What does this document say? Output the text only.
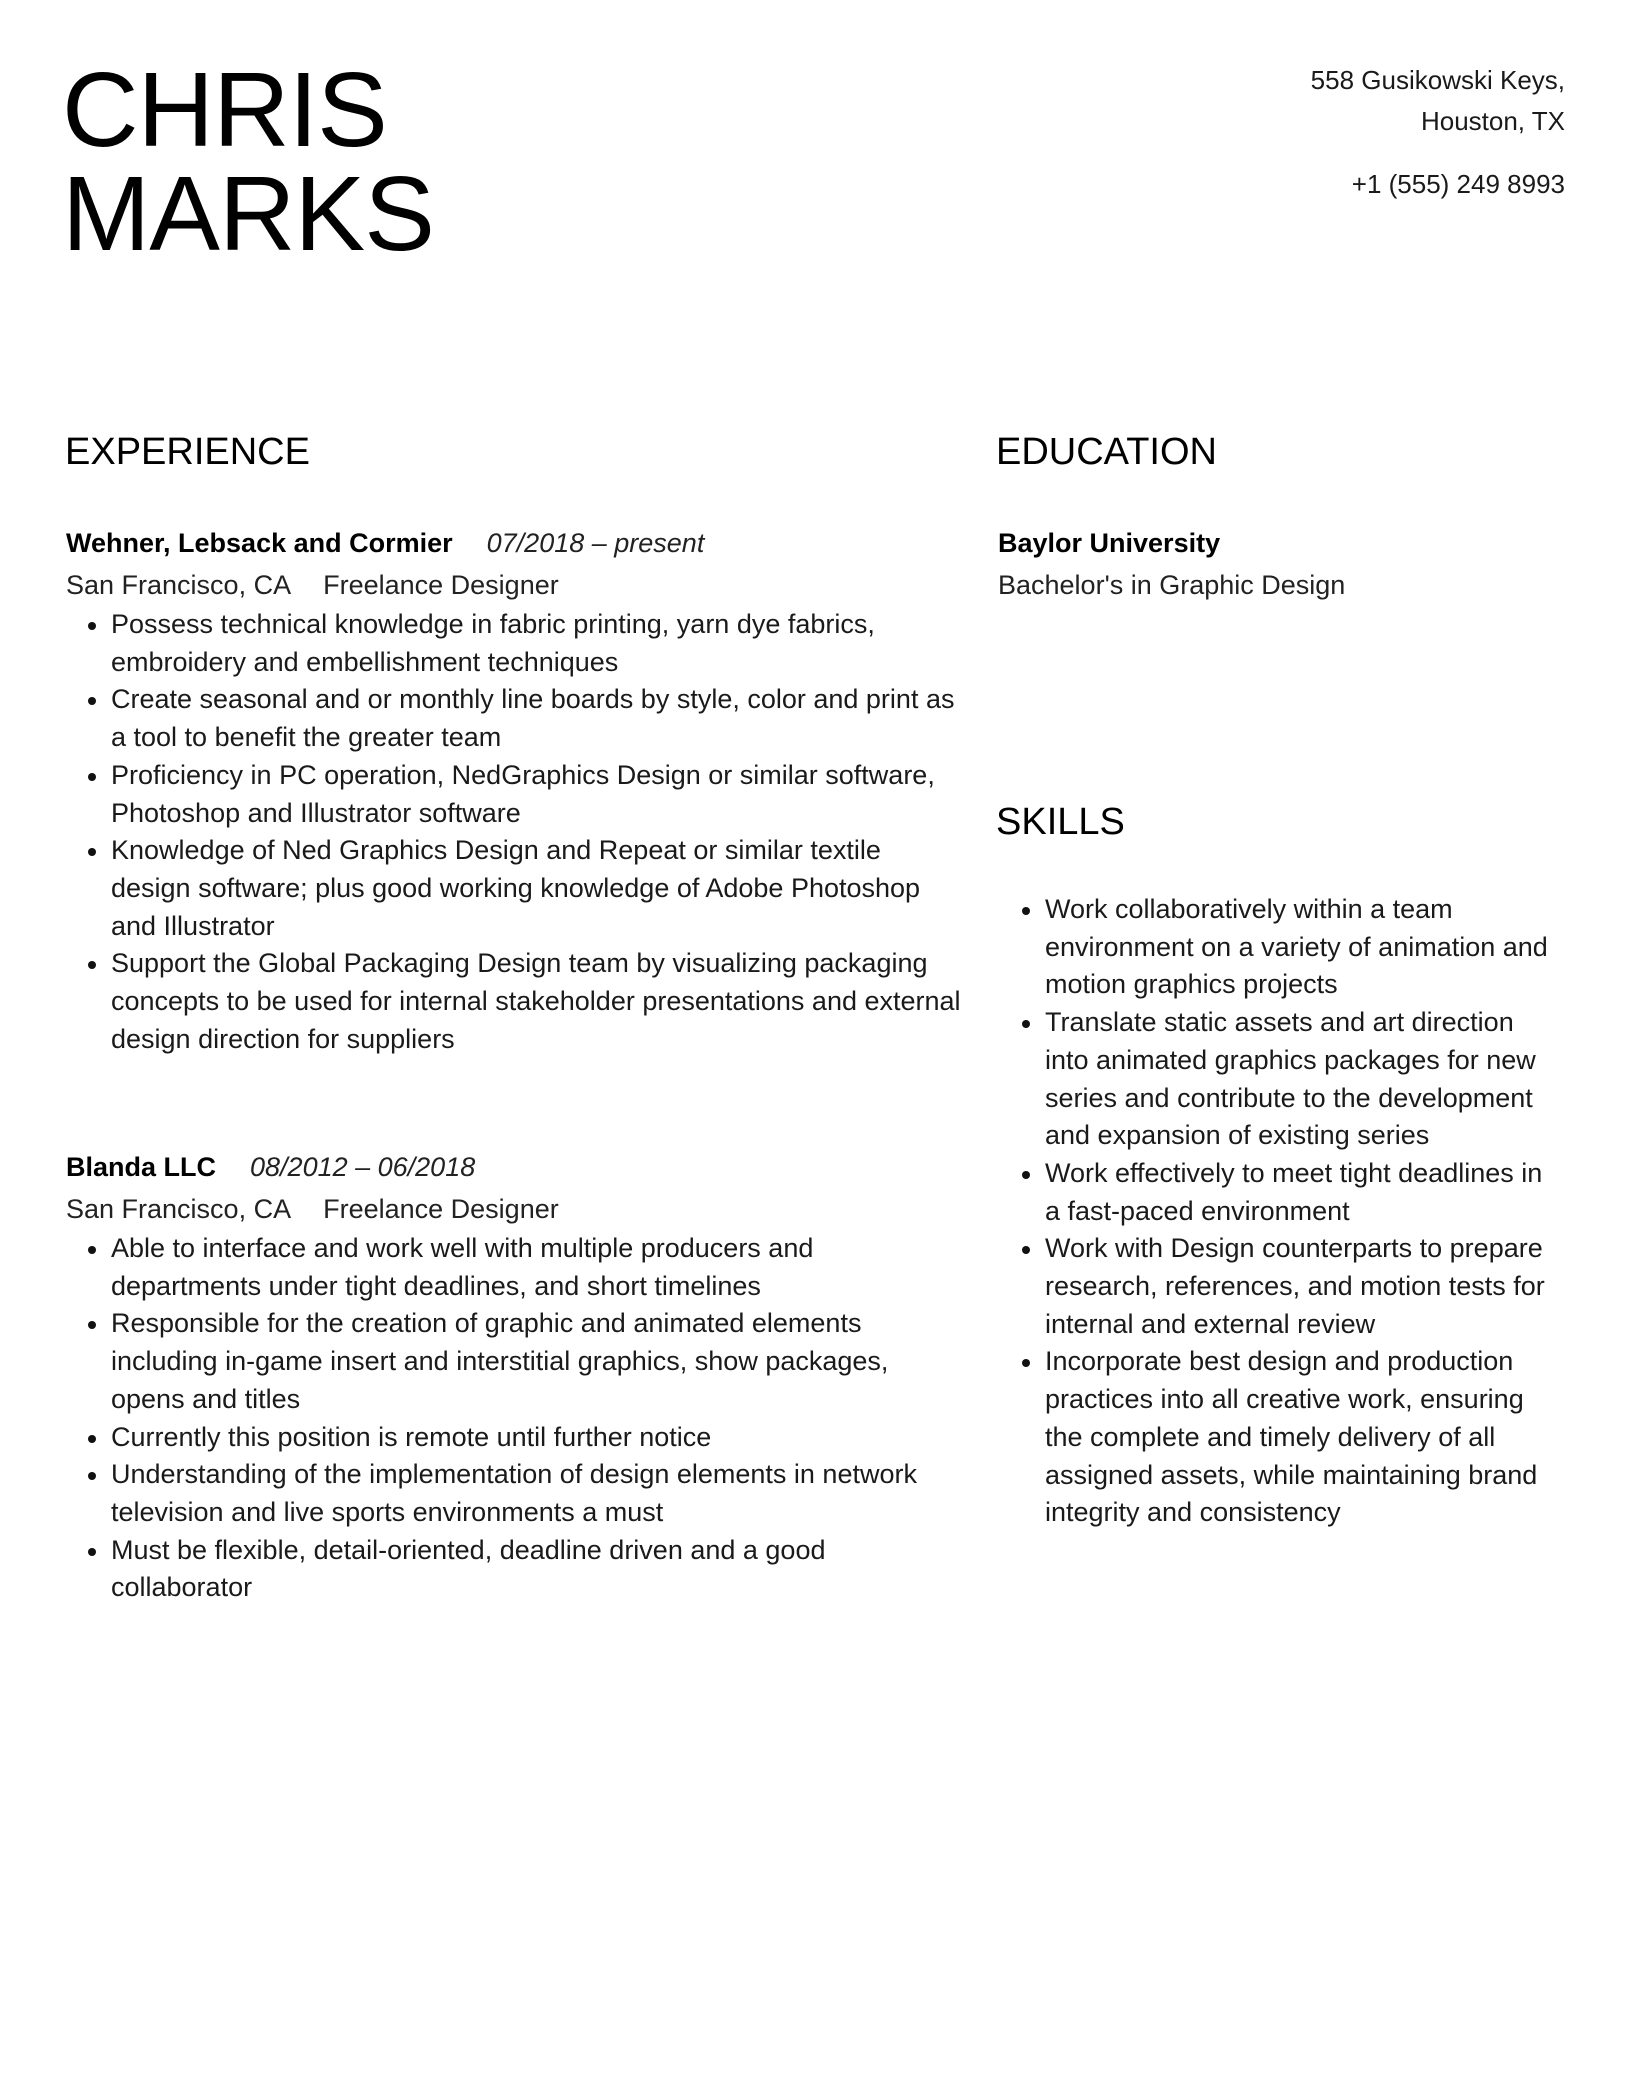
CHRIS
MARKS
558 Gusikowski Keys,
Houston, TX
+1 (555) 249 8993
EXPERIENCE
Wehner, Lebsack and Cormier 07/2018 – present
San Francisco, CA Freelance Designer
Possess technical knowledge in fabric printing, yarn dye fabrics, embroidery and embellishment techniques
Create seasonal and or monthly line boards by style, color and print as a tool to benefit the greater team
Proficiency in PC operation, NedGraphics Design or similar software, Photoshop and Illustrator software
Knowledge of Ned Graphics Design and Repeat or similar textile design software; plus good working knowledge of Adobe Photoshop and Illustrator
Support the Global Packaging Design team by visualizing packaging concepts to be used for internal stakeholder presentations and external design direction for suppliers
Blanda LLC 08/2012 – 06/2018
San Francisco, CA Freelance Designer
Able to interface and work well with multiple producers and departments under tight deadlines, and short timelines
Responsible for the creation of graphic and animated elements including in-game insert and interstitial graphics, show packages, opens and titles
Currently this position is remote until further notice
Understanding of the implementation of design elements in network television and live sports environments a must
Must be flexible, detail-oriented, deadline driven and a good collaborator
EDUCATION
Baylor University
Bachelor's in Graphic Design
SKILLS
Work collaboratively within a team environment on a variety of animation and motion graphics projects
Translate static assets and art direction into animated graphics packages for new series and contribute to the development and expansion of existing series
Work effectively to meet tight deadlines in a fast-paced environment
Work with Design counterparts to prepare research, references, and motion tests for internal and external review
Incorporate best design and production practices into all creative work, ensuring the complete and timely delivery of all assigned assets, while maintaining brand integrity and consistency
